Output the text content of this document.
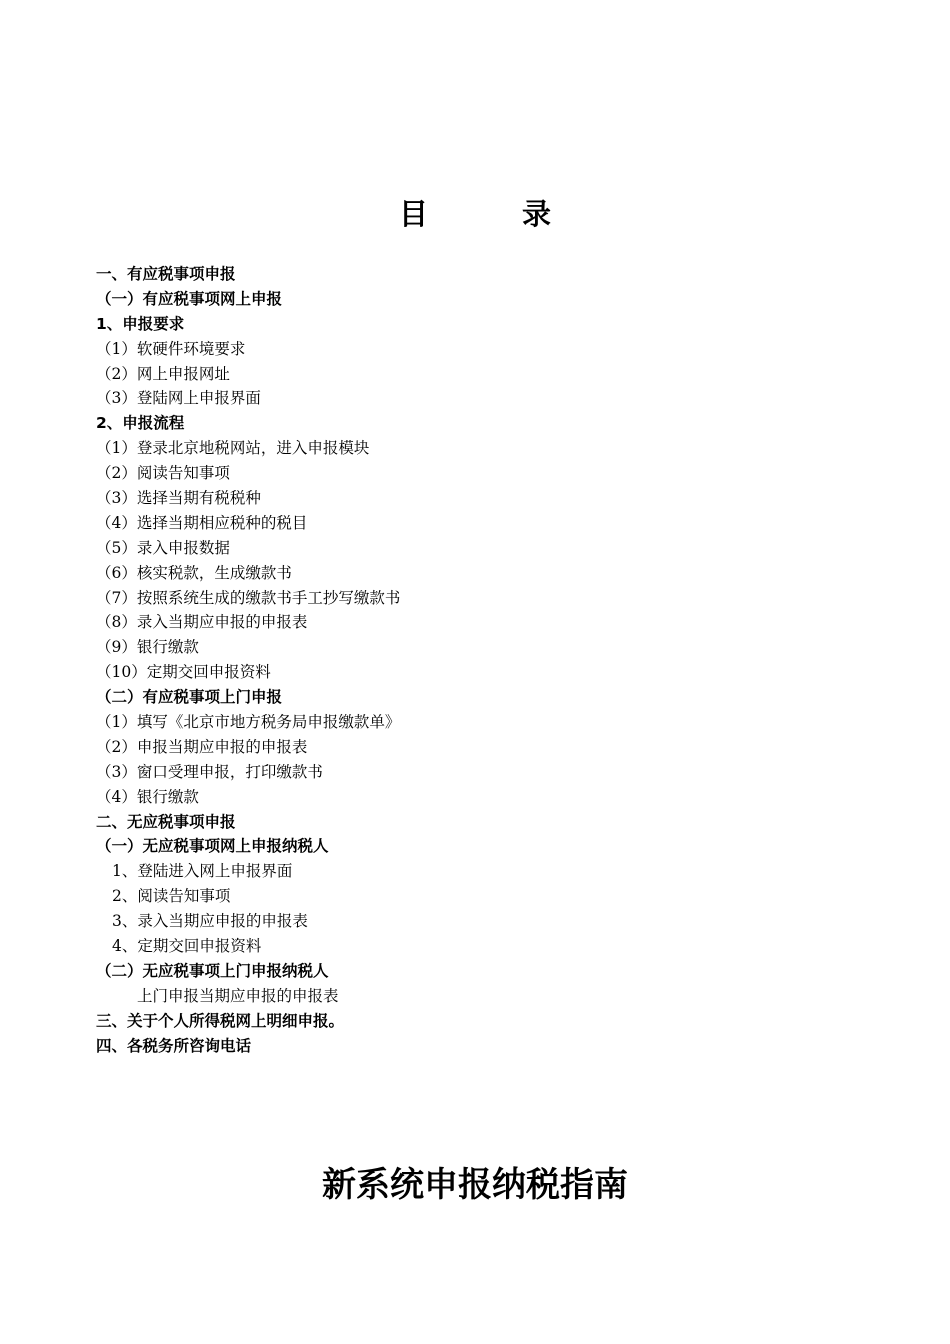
目 录
一、有应税事项申报
（一）有应税事项网上申报
1、申报要求
（1）软硬件环境要求
（2）网上申报网址
（3）登陆网上申报界面
2、申报流程
（1）登录北京地税网站，进入申报模块
（2）阅读告知事项
（3）选择当期有税税种
（4）选择当期相应税种的税目
（5）录入申报数据
（6）核实税款，生成缴款书
（7）按照系统生成的缴款书手工抄写缴款书
（8）录入当期应申报的申报表
（9）银行缴款
（10）定期交回申报资料
（二）有应税事项上门申报
（1）填写《北京市地方税务局申报缴款单》
（2）申报当期应申报的申报表
（3）窗口受理申报，打印缴款书
（4）银行缴款
二、无应税事项申报
（一）无应税事项网上申报纳税人
1、登陆进入网上申报界面
2、阅读告知事项
3、录入当期应申报的申报表
4、定期交回申报资料
（二）无应税事项上门申报纳税人
上门申报当期应申报的申报表
三、关于个人所得税网上明细申报。
四、各税务所咨询电话
新系统申报纳税指南
